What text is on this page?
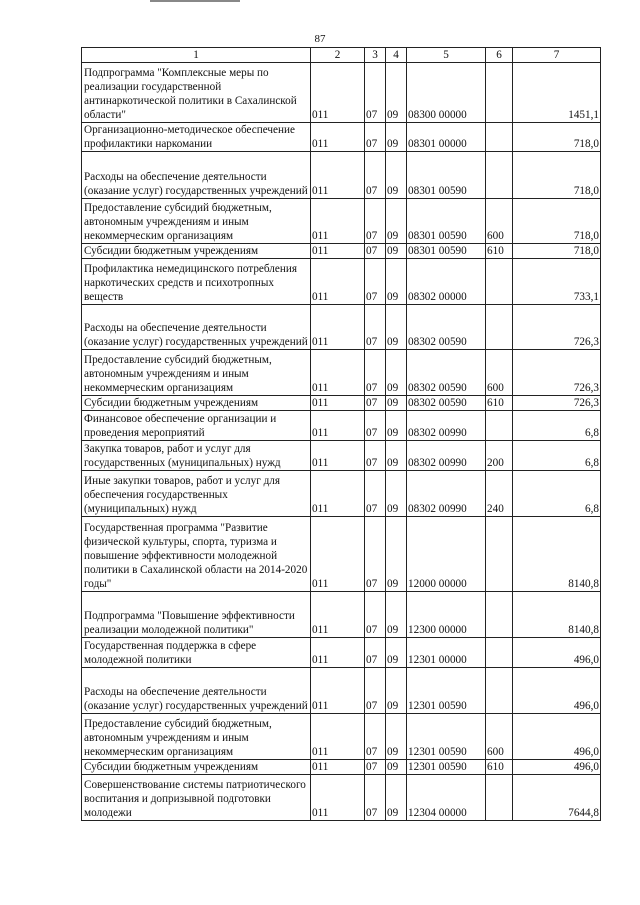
87
1	2	3	4	5	6	7
Подпрограмма "Комплексные меры по реализации государственной антинаркотической политики в Сахалинской области"	011	07	09	08300 00000		1451,1
Организационно-методическое обеспечение профилактики наркомании	011	07	09	08301 00000		718,0
Расходы на обеспечение деятельности (оказание услуг) государственных учреждений	011	07	09	08301 00590		718,0
Предоставление субсидий бюджетным, автономным учреждениям и иным некоммерческим организациям	011	07	09	08301 00590	600	718,0
Субсидии бюджетным учреждениям	011	07	09	08301 00590	610	718,0
Профилактика немедицинского потребления наркотических средств и психотропных веществ	011	07	09	08302 00000		733,1
Расходы на обеспечение деятельности (оказание услуг) государственных учреждений	011	07	09	08302 00590		726,3
Предоставление субсидий бюджетным, автономным учреждениям и иным некоммерческим организациям	011	07	09	08302 00590	600	726,3
Субсидии бюджетным учреждениям	011	07	09	08302 00590	610	726,3
Финансовое обеспечение организации и проведения мероприятий	011	07	09	08302 00990		6,8
Закупка товаров, работ и услуг для государственных (муниципальных) нужд	011	07	09	08302 00990	200	6,8
Иные закупки товаров, работ и услуг для обеспечения государственных (муниципальных) нужд	011	07	09	08302 00990	240	6,8
Государственная программа "Развитие физической культуры, спорта, туризма и повышение эффективности молодежной политики в Сахалинской области на 2014-2020 годы"	011	07	09	12000 00000		8140,8
Подпрограмма "Повышение эффективности реализации молодежной политики"	011	07	09	12300 00000		8140,8
Государственная поддержка в сфере молодежной политики	011	07	09	12301 00000		496,0
Расходы на обеспечение деятельности (оказание услуг) государственных учреждений	011	07	09	12301 00590		496,0
Предоставление субсидий бюджетным, автономным учреждениям и иным некоммерческим организациям	011	07	09	12301 00590	600	496,0
Субсидии бюджетным учреждениям	011	07	09	12301 00590	610	496,0
Совершенствование системы патриотического воспитания и допризывной подготовки молодежи	011	07	09	12304 00000		7644,8
